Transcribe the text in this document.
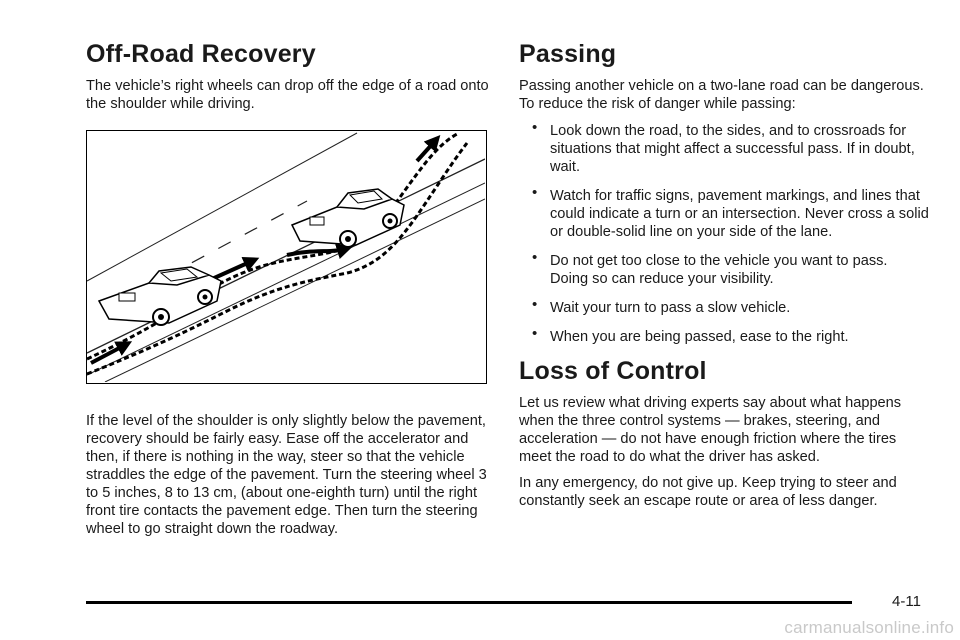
Off-Road Recovery

The vehicle’s right wheels can drop off the edge of a road onto the shoulder while driving.

If the level of the shoulder is only slightly below the pavement, recovery should be fairly easy. Ease off the accelerator and then, if there is nothing in the way, steer so that the vehicle straddles the edge of the pavement. Turn the steering wheel 3 to 5 inches, 8 to 13 cm, (about one-eighth turn) until the right front tire contacts the pavement edge. Then turn the steering wheel to go straight down the roadway.

Passing

Passing another vehicle on a two-lane road can be dangerous. To reduce the risk of danger while passing:

• Look down the road, to the sides, and to crossroads for situations that might affect a successful pass. If in doubt, wait.
• Watch for traffic signs, pavement markings, and lines that could indicate a turn or an intersection. Never cross a solid or double-solid line on your side of the lane.
• Do not get too close to the vehicle you want to pass. Doing so can reduce your visibility.
• Wait your turn to pass a slow vehicle.
• When you are being passed, ease to the right.
Loss of Control

Let us review what driving experts say about what happens when the three control systems — brakes, steering, and acceleration — do not have enough friction where the tires meet the road to do what the driver has asked.

In any emergency, do not give up. Keep trying to steer and constantly seek an escape route or area of less danger.

4-11
carmanualsonline.info
